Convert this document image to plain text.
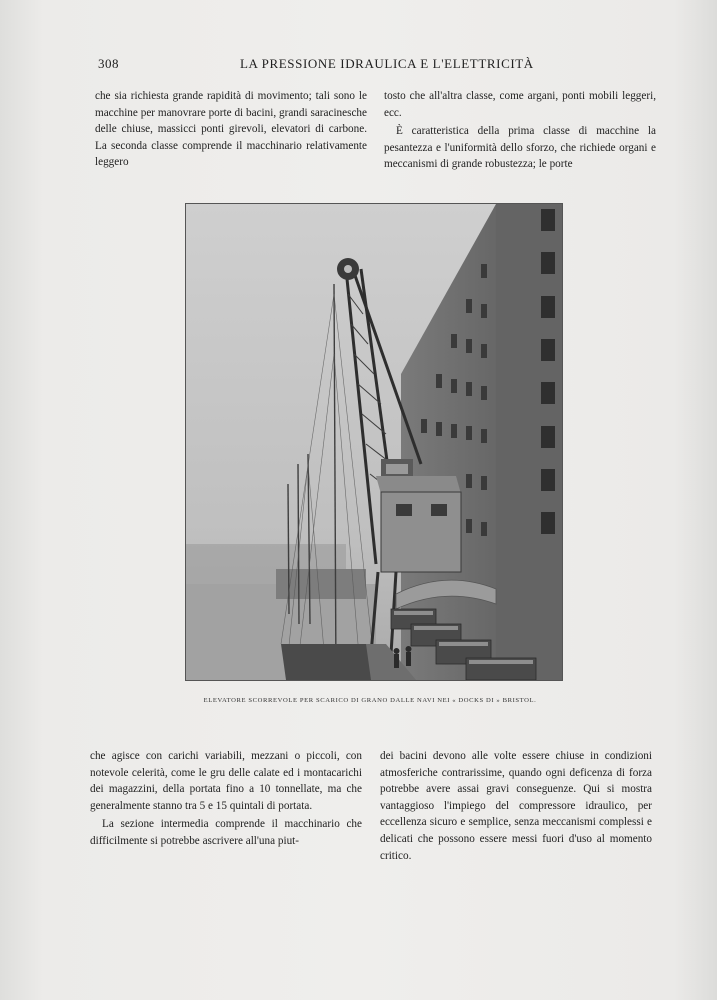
308	LA PRESSIONE IDRAULICA E L'ELETTRICITÀ

che sia richiesta grande rapidità di movimento; tali sono le macchine per manovrare porte di bacini, grandi saracinesche delle chiuse, massicci ponti girevoli, elevatori di carbone. La seconda classe comprende il macchinario relativamente leggero

tosto che all'altra classe, come argani, ponti mobili leggeri, ecc.

È caratteristica della prima classe di macchine la pesantezza e l'uniformità dello sforzo, che richiede organi e meccanismi di grande robustezza; le porte

ELEVATORE SCORREVOLE PER SCARICO DI GRANO DALLE NAVI NEI « DOCKS DI » BRISTOL.

che agisce con carichi variabili, mezzani o piccoli, con notevole celerità, come le gru delle calate ed i montacarichi dei magazzini, della portata fino a 10 tonnellate, ma che generalmente stanno tra 5 e 15 quintali di portata.

La sezione intermedia comprende il macchinario che difficilmente si potrebbe ascrivere all'una piut-

dei bacini devono alle volte essere chiuse in condizioni atmosferiche contrarissime, quando ogni deficenza di forza potrebbe avere assai gravi conseguenze. Qui si mostra vantaggioso l'impiego del compressore idraulico, per eccellenza sicuro e semplice, senza meccanismi complessi e delicati che possono essere messi fuori d'uso al momento critico.
